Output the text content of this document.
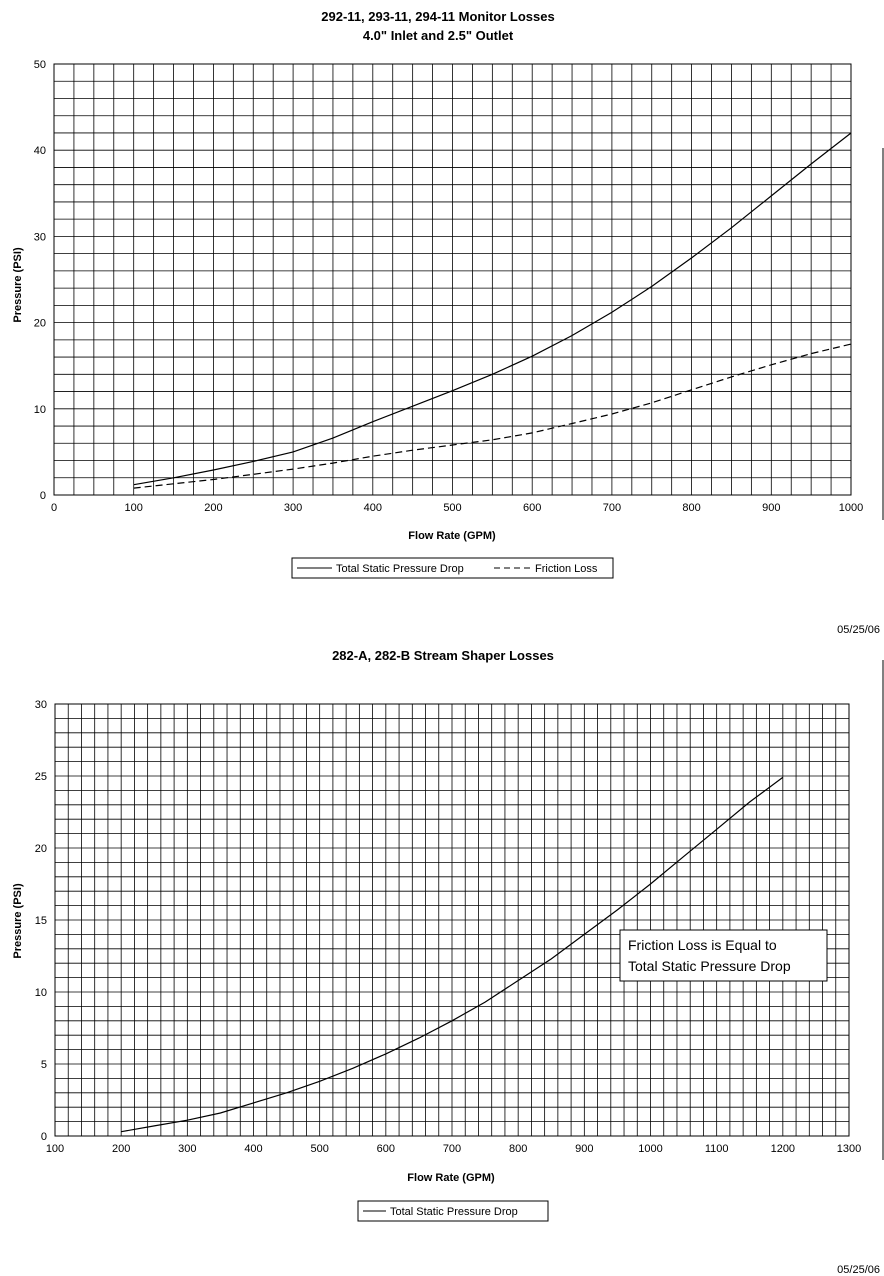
292-11, 293-11, 294-11 Monitor Losses
4.0" Inlet and 2.5" Outlet
0	100	200	300	400	500	600	700	800	900	1000
0
10
20
30
40
50
Flow Rate (GPM)
Pressure (PSI)
Total Static Pressure Drop	Friction Loss
05/25/06
282-A, 282-B Stream Shaper Losses
100	200	300	400	500	600	700	800	900	1000	1100	1200	1300
0
5
10
15
20
25
30
Flow Rate (GPM)
Pressure (PSI)	Friction Loss is Equal to
Total Static Pressure Drop
Total Static Pressure Drop
05/25/06
